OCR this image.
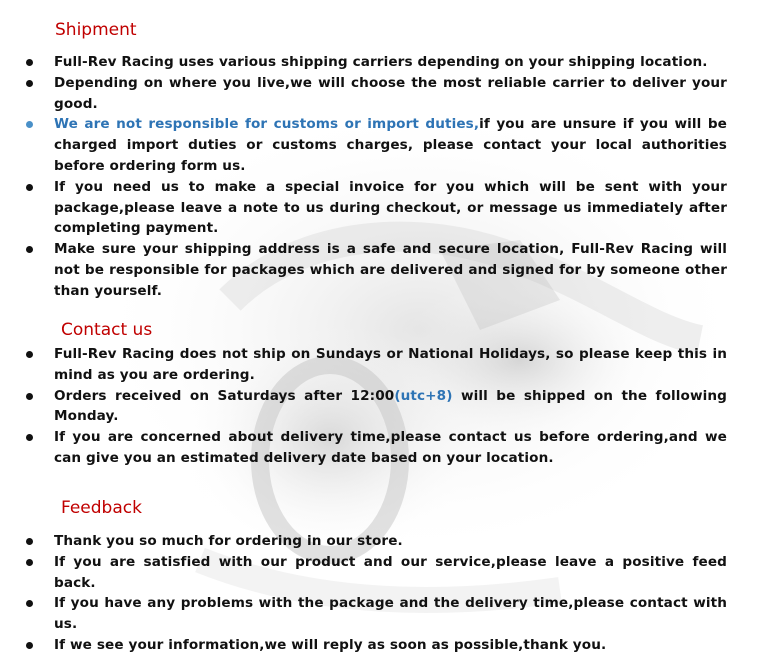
Shipment
Full-Rev Racing uses various shipping carriers depending on your shipping location.
Depending on where you live,we will choose the most reliable carrier to deliver your good.
We are not responsible for customs or import duties,if you are unsure if you will be charged import duties or customs charges, please contact your local authorities before ordering form us.
If you need us to make a special invoice for you which will be sent with your package,please leave a note to us during checkout, or message us immediately after completing payment.
Make sure your shipping address is a safe and secure location, Full-Rev Racing will not be responsible for packages which are delivered and signed for by someone other than yourself.
Contact us
Full-Rev Racing does not ship on Sundays or National Holidays, so please keep this in mind as you are ordering.
Orders received on Saturdays after 12:00(utc+8) will be shipped on the following Monday.
If you are concerned about delivery time,please contact us before ordering,and we can give you an estimated delivery date based on your location.
Feedback
Thank you so much for ordering in our store.
If you are satisfied with our product and our service,please leave a positive feed back.
If you have any problems with the package and the delivery time,please contact with us.
If we see your information,we will reply as soon as possible,thank you.
